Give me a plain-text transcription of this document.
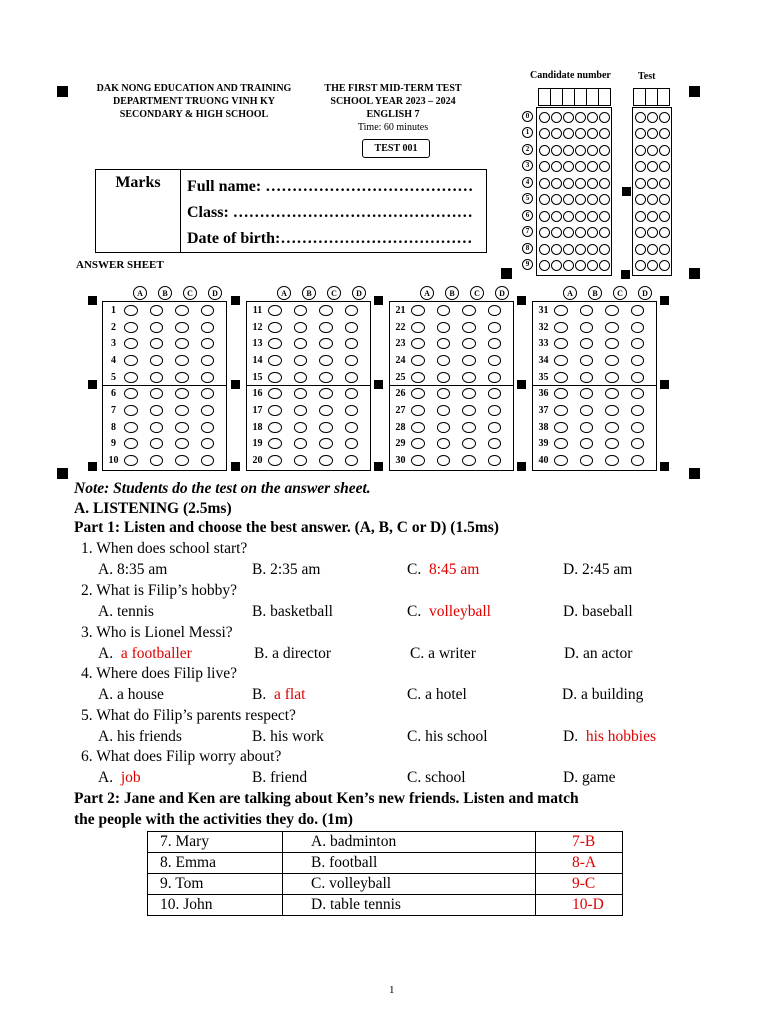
DAK NONG EDUCATION AND TRAINING
DEPARTMENT TRUONG VINH KY
SECONDARY & HIGH SCHOOL
THE FIRST MID-TERM TEST
SCHOOL YEAR 2023 – 2024
ENGLISH 7
Time: 60 minutes
TEST 001
Candidate number	Test
0
1
2
3
4
5
6
7
8
9
Marks	Full name: …………………………………
Class: ………………………………………
Date of birth:………………………………
ANSWER SHEET
A	B	C	D
1
2
3
4
5
6
7
8
9
10
A	B	C	D
11
12
13
14
15
16
17
18
19
20
A	B	C	D
21
22
23
24
25
26
27
28
29
30
A	B	C	D
31
32
33
34
35
36
37
38
39
40
Note: Students do the test on the answer sheet.
A. LISTENING (2.5ms)
Part 1: Listen and choose the best answer. (A, B, C or D) (1.5ms)
1. When does school start?
A. 8:35 am	B. 2:35 am	C. 8:45 am	D. 2:45 am
2. What is Filip’s hobby?
A. tennis	B. basketball	C. volleyball	D. baseball
3. Who is Lionel Messi?
A. a footballer	B. a director	C. a writer	D. an actor
4. Where does Filip live?
A. a house	B. a flat	C. a hotel	D. a building
5. What do Filip’s parents respect?
A. his friends	B. his work	C. his school	D. his hobbies
6. What does Filip worry about?
A. job	B. friend	C. school	D. game
Part 2: Jane and Ken are talking about Ken’s new friends. Listen and match
the people with the activities they do. (1m)
7. Mary	A. badminton	7-B
8. Emma	B. football	8-A
9. Tom	C. volleyball	9-C
10. John	D. table tennis	10-D
1
